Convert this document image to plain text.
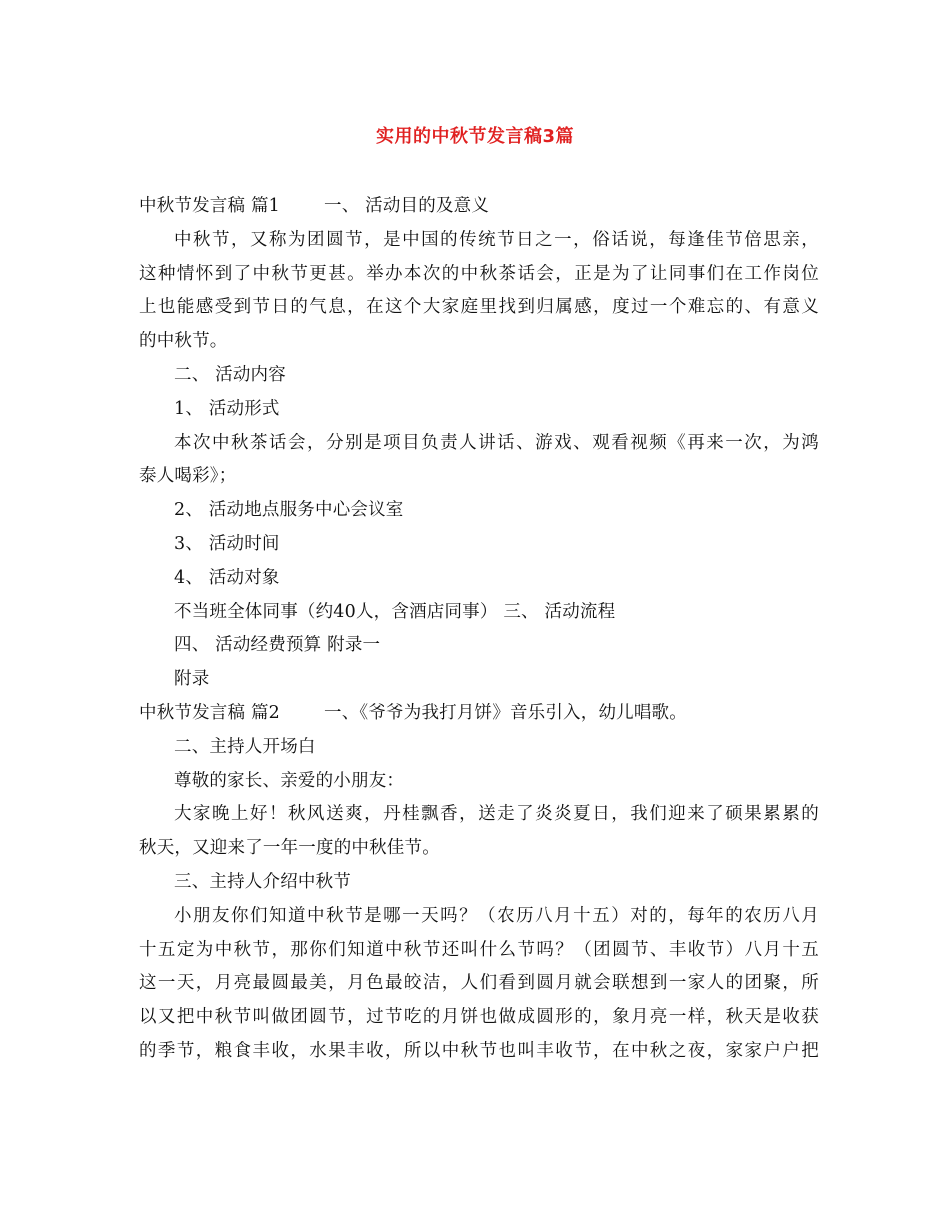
实用的中秋节发言稿3篇
中秋节发言稿 篇1	一、 活动目的及意义
中秋节，又称为团圆节，是中国的传统节日之一，俗话说，每逢佳节倍思亲，
这种情怀到了中秋节更甚。举办本次的中秋茶话会，正是为了让同事们在工作岗位
上也能感受到节日的气息，在这个大家庭里找到归属感，度过一个难忘的、有意义
的中秋节。
二、 活动内容
1、 活动形式
本次中秋茶话会，分别是项目负责人讲话、游戏、观看视频《再来一次，为鸿
泰人喝彩》；
2、 活动地点服务中心会议室
3、 活动时间
4、 活动对象
不当班全体同事（约40人，含酒店同事） 三、 活动流程
四、 活动经费预算 附录一
附录
中秋节发言稿 篇2	一、《爷爷为我打月饼》音乐引入，幼儿唱歌。
二、主持人开场白
尊敬的家长、亲爱的小朋友：
大家晚上好！秋风送爽，丹桂飘香，送走了炎炎夏日，我们迎来了硕果累累的
秋天，又迎来了一年一度的中秋佳节。
三、主持人介绍中秋节
小朋友你们知道中秋节是哪一天吗？（农历八月十五）对的，每年的农历八月
十五定为中秋节，那你们知道中秋节还叫什么节吗？（团圆节、丰收节）八月十五
这一天，月亮最圆最美，月色最皎洁，人们看到圆月就会联想到一家人的团聚，所
以又把中秋节叫做团圆节，过节吃的月饼也做成圆形的，象月亮一样，秋天是收获
的季节，粮食丰收，水果丰收，所以中秋节也叫丰收节，在中秋之夜，家家户户把
